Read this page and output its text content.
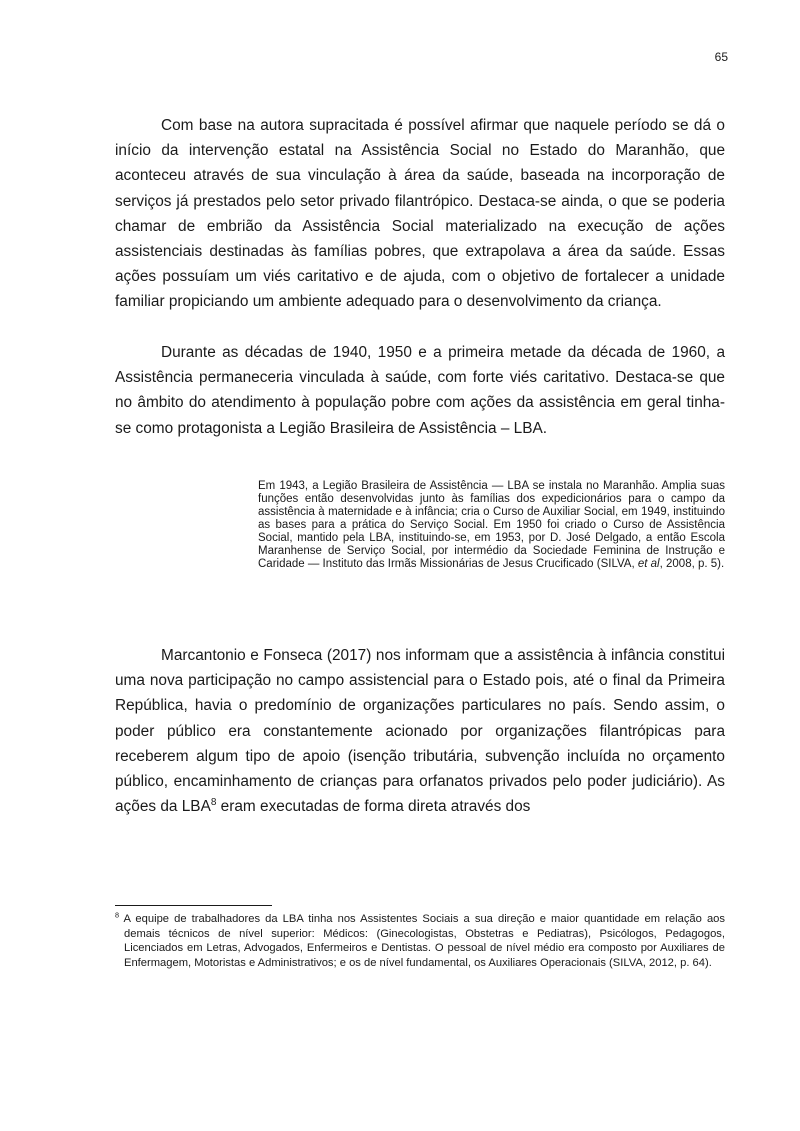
65

Com base na autora supracitada é possível afirmar que naquele período se dá o início da intervenção estatal na Assistência Social no Estado do Maranhão, que aconteceu através de sua vinculação à área da saúde, baseada na incorporação de serviços já prestados pelo setor privado filantrópico. Destaca-se ainda, o que se poderia chamar de embrião da Assistência Social materializado na execução de ações assistenciais destinadas às famílias pobres, que extrapolava a área da saúde. Essas ações possuíam um viés caritativo e de ajuda, com o objetivo de fortalecer a unidade familiar propiciando um ambiente adequado para o desenvolvimento da criança.

Durante as décadas de 1940, 1950 e a primeira metade da década de 1960, a Assistência permaneceria vinculada à saúde, com forte viés caritativo. Destaca-se que no âmbito do atendimento à população pobre com ações da assistência em geral tinha-se como protagonista a Legião Brasileira de Assistência – LBA.

Em 1943, a Legião Brasileira de Assistência — LBA se instala no Maranhão. Amplia suas funções então desenvolvidas junto às famílias dos expedicionários para o campo da assistência à maternidade e à infância; cria o Curso de Auxiliar Social, em 1949, instituindo as bases para a prática do Serviço Social. Em 1950 foi criado o Curso de Assistência Social, mantido pela LBA, instituindo-se, em 1953, por D. José Delgado, a então Escola Maranhense de Serviço Social, por intermédio da Sociedade Feminina de Instrução e Caridade — Instituto das Irmãs Missionárias de Jesus Crucificado (SILVA, et al, 2008, p. 5).

Marcantonio e Fonseca (2017) nos informam que a assistência à infância constitui uma nova participação no campo assistencial para o Estado pois, até o final da Primeira República, havia o predomínio de organizações particulares no país. Sendo assim, o poder público era constantemente acionado por organizações filantrópicas para receberem algum tipo de apoio (isenção tributária, subvenção incluída no orçamento público, encaminhamento de crianças para orfanatos privados pelo poder judiciário). As ações da LBA$^8$ eram executadas de forma direta através dos

$^8$ A equipe de trabalhadores da LBA tinha nos Assistentes Sociais a sua direção e maior quantidade em relação aos demais técnicos de nível superior: Médicos: (Ginecologistas, Obstetras e Pediatras), Psicólogos, Pedagogos, Licenciados em Letras, Advogados, Enfermeiros e Dentistas. O pessoal de nível médio era composto por Auxiliares de Enfermagem, Motoristas e Administrativos; e os de nível fundamental, os Auxiliares Operacionais (SILVA, 2012, p. 64).
